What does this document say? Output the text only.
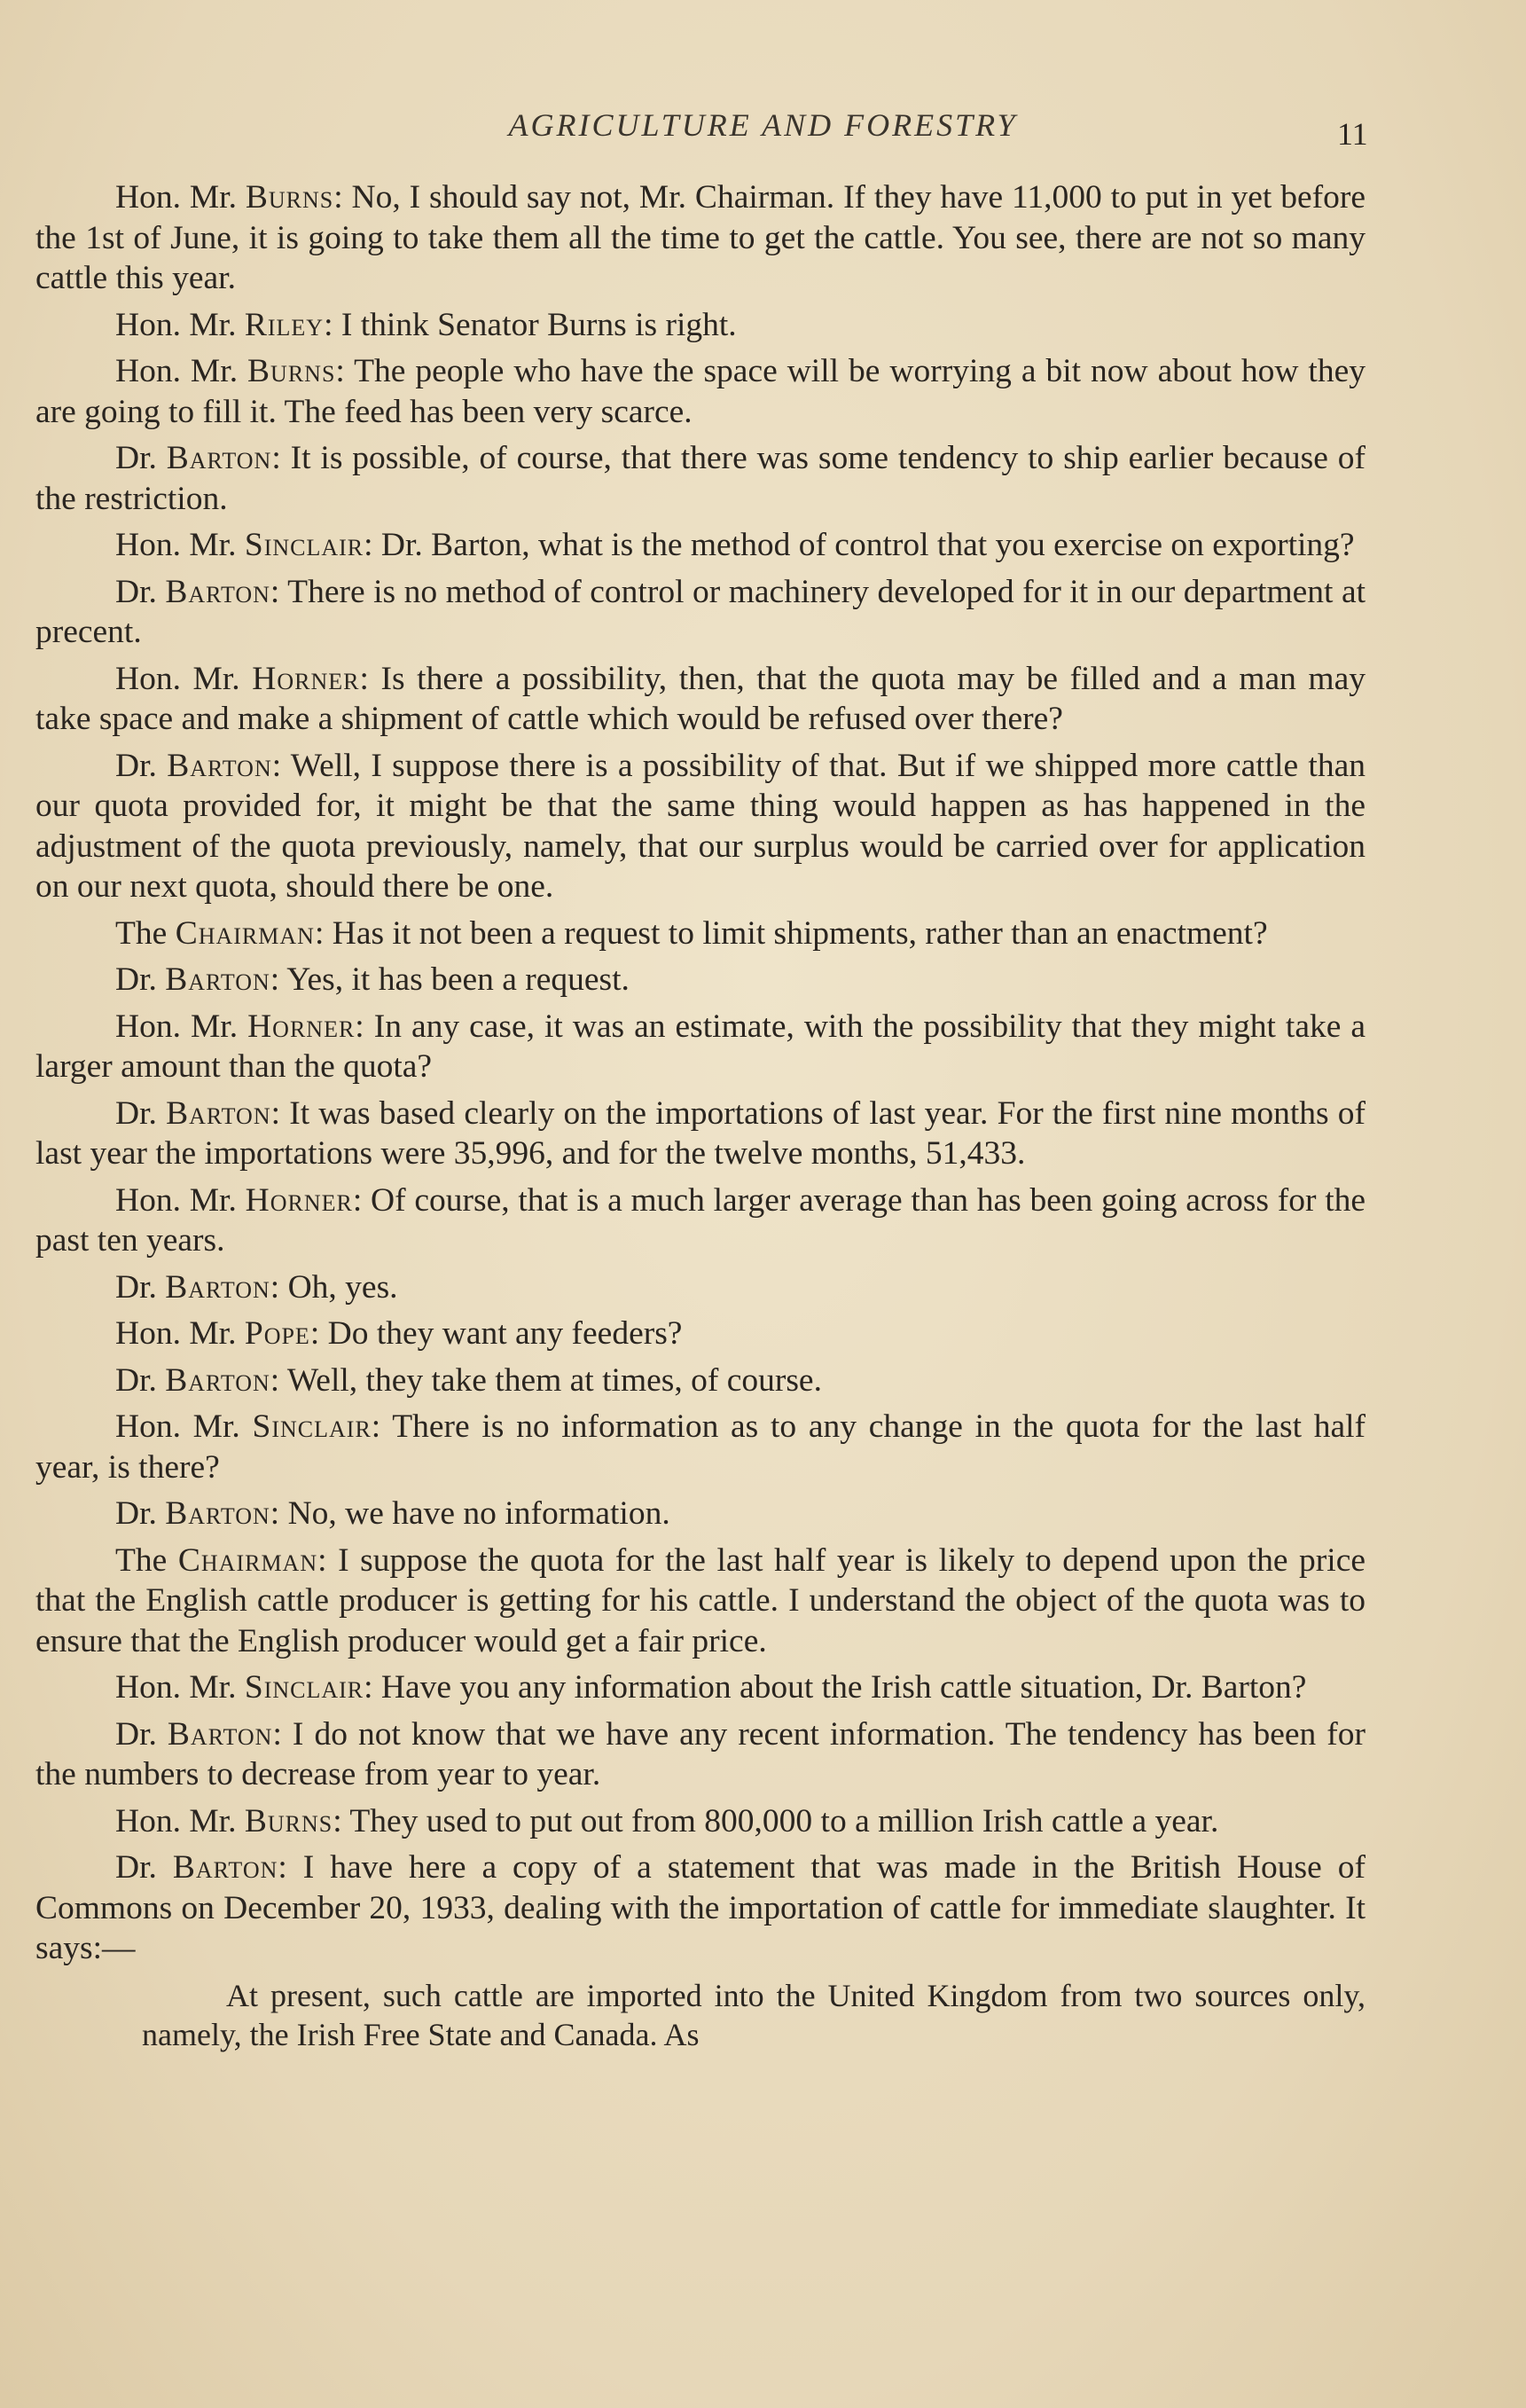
AGRICULTURE AND FORESTRY	11

Hon. Mr. Burns: No, I should say not, Mr. Chairman. If they have 11,000 to put in yet before the 1st of June, it is going to take them all the time to get the cattle. You see, there are not so many cattle this year.

Hon. Mr. Riley: I think Senator Burns is right.

Hon. Mr. Burns: The people who have the space will be worrying a bit now about how they are going to fill it. The feed has been very scarce.

Dr. Barton: It is possible, of course, that there was some tendency to ship earlier because of the restriction.

Hon. Mr. Sinclair: Dr. Barton, what is the method of control that you exercise on exporting?

Dr. Barton: There is no method of control or machinery developed for it in our department at precent.

Hon. Mr. Horner: Is there a possibility, then, that the quota may be filled and a man may take space and make a shipment of cattle which would be refused over there?

Dr. Barton: Well, I suppose there is a possibility of that. But if we shipped more cattle than our quota provided for, it might be that the same thing would happen as has happened in the adjustment of the quota previously, namely, that our surplus would be carried over for application on our next quota, should there be one.

The Chairman: Has it not been a request to limit shipments, rather than an enactment?

Dr. Barton: Yes, it has been a request.

Hon. Mr. Horner: In any case, it was an estimate, with the possibility that they might take a larger amount than the quota?

Dr. Barton: It was based clearly on the importations of last year. For the first nine months of last year the importations were 35,996, and for the twelve months, 51,433.

Hon. Mr. Horner: Of course, that is a much larger average than has been going across for the past ten years.

Dr. Barton: Oh, yes.

Hon. Mr. Pope: Do they want any feeders?

Dr. Barton: Well, they take them at times, of course.

Hon. Mr. Sinclair: There is no information as to any change in the quota for the last half year, is there?

Dr. Barton: No, we have no information.

The Chairman: I suppose the quota for the last half year is likely to depend upon the price that the English cattle producer is getting for his cattle. I understand the object of the quota was to ensure that the English producer would get a fair price.

Hon. Mr. Sinclair: Have you any information about the Irish cattle situation, Dr. Barton?

Dr. Barton: I do not know that we have any recent information. The tendency has been for the numbers to decrease from year to year.

Hon. Mr. Burns: They used to put out from 800,000 to a million Irish cattle a year.

Dr. Barton: I have here a copy of a statement that was made in the British House of Commons on December 20, 1933, dealing with the importation of cattle for immediate slaughter. It says:—

At present, such cattle are imported into the United Kingdom from two sources only, namely, the Irish Free State and Canada. As
